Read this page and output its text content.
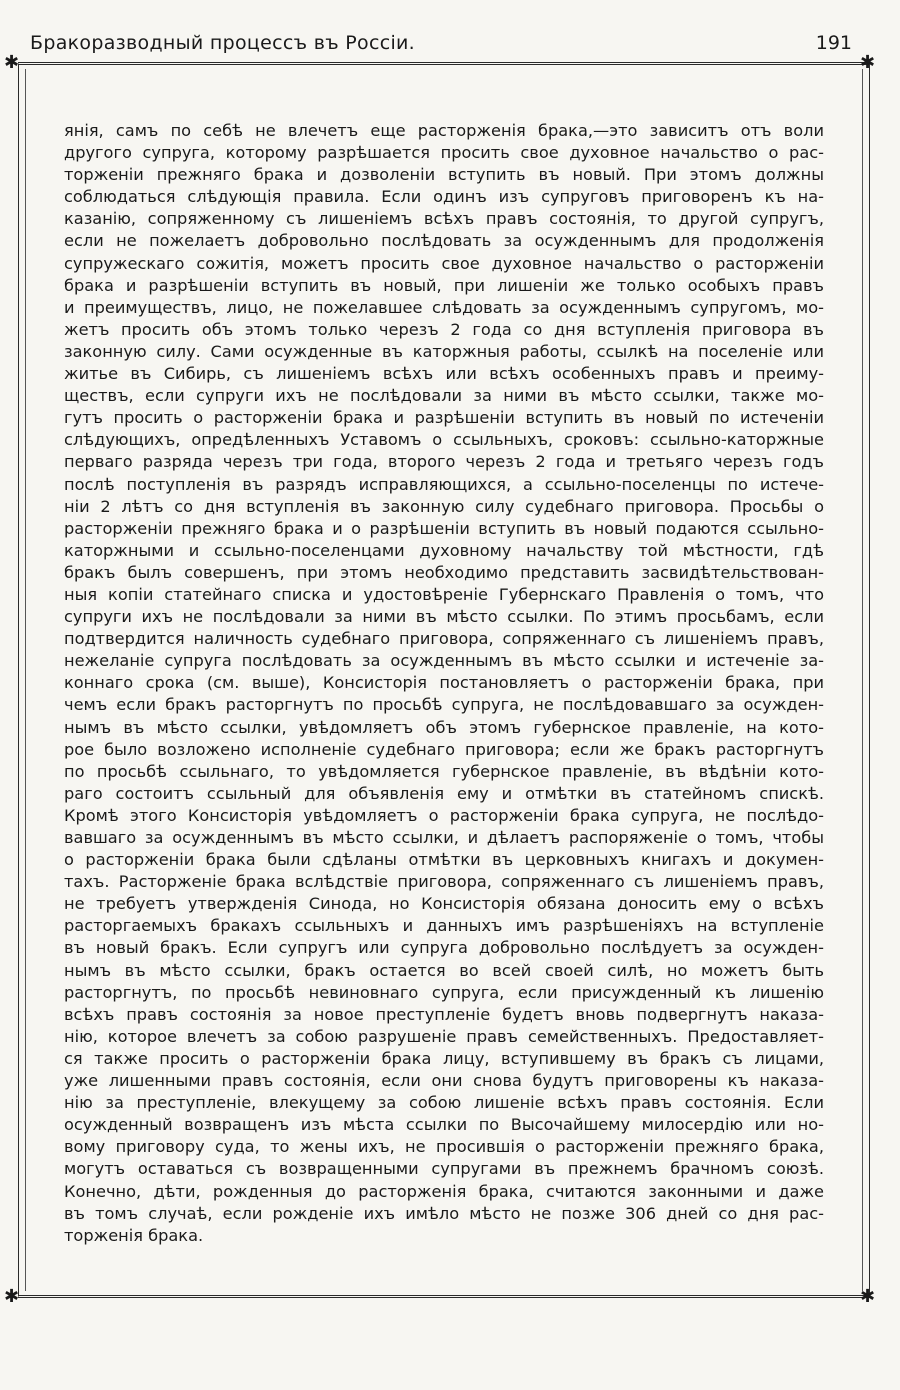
Бракоразводный процессъ въ Россіи.	191
✱	✱
✱	✱
янія, самъ по себѣ не влечетъ еще расторженія брака,—это зависитъ отъ воли
другого супруга, которому разрѣшается просить свое духовное начальство о рас-
торженіи прежняго брака и дозволеніи вступить въ новый. При этомъ должны
соблюдаться слѣдующія правила. Если одинъ изъ супруговъ приговоренъ къ на-
казанію, сопряженному съ лишеніемъ всѣхъ правъ состоянія, то другой супругъ,
если не пожелаетъ добровольно послѣдовать за осужденнымъ для продолженія
супружескаго сожитія, можетъ просить свое духовное начальство о расторженіи
брака и разрѣшеніи вступить въ новый, при лишеніи же только особыхъ правъ
и преимуществъ, лицо, не пожелавшее слѣдовать за осужденнымъ супругомъ, мо-
жетъ просить объ этомъ только черезъ 2 года со дня вступленія приговора въ
законную силу. Сами осужденные въ каторжныя работы, ссылкѣ на поселеніе или
житье въ Сибирь, съ лишеніемъ всѣхъ или всѣхъ особенныхъ правъ и преиму-
ществъ, если супруги ихъ не послѣдовали за ними въ мѣсто ссылки, также мо-
гутъ просить о расторженіи брака и разрѣшеніи вступить въ новый по истеченіи
слѣдующихъ, опредѣленныхъ Уставомъ о ссыльныхъ, сроковъ: ссыльно-каторжные
перваго разряда черезъ три года, второго черезъ 2 года и третьяго черезъ годъ
послѣ поступленія въ разрядъ исправляющихся, а ссыльно-поселенцы по истече-
ніи 2 лѣтъ со дня вступленія въ законную силу судебнаго приговора. Просьбы о
расторженіи прежняго брака и о разрѣшеніи вступить въ новый подаются ссыльно-
каторжными и ссыльно-поселенцами духовному начальству той мѣстности, гдѣ
бракъ былъ совершенъ, при этомъ необходимо представить засвидѣтельствован-
ныя копіи статейнаго списка и удостовѣреніе Губернскаго Правленія о томъ, что
супруги ихъ не послѣдовали за ними въ мѣсто ссылки. По этимъ просьбамъ, если
подтвердится наличность судебнаго приговора, сопряженнаго съ лишеніемъ правъ,
нежеланіе супруга послѣдовать за осужденнымъ въ мѣсто ссылки и истеченіе за-
коннаго срока (см. выше), Консисторія постановляетъ о расторженіи брака, при
чемъ если бракъ расторгнутъ по просьбѣ супруга, не послѣдовавшаго за осужден-
нымъ въ мѣсто ссылки, увѣдомляетъ объ этомъ губернское правленіе, на кото-
рое было возложено исполненіе судебнаго приговора; если же бракъ расторгнутъ
по просьбѣ ссыльнаго, то увѣдомляется губернское правленіе, въ вѣдѣніи кото-
раго состоитъ ссыльный для объявленія ему и отмѣтки въ статейномъ спискѣ.
Кромѣ этого Консисторія увѣдомляетъ о расторженіи брака супруга, не послѣдо-
вавшаго за осужденнымъ въ мѣсто ссылки, и дѣлаетъ распоряженіе о томъ, чтобы
о расторженіи брака были сдѣланы отмѣтки въ церковныхъ книгахъ и докумен-
тахъ. Расторженіе брака вслѣдствіе приговора, сопряженнаго съ лишеніемъ правъ,
не требуетъ утвержденія Синода, но Консисторія обязана доносить ему о всѣхъ
расторгаемыхъ бракахъ ссыльныхъ и данныхъ имъ разрѣшеніяхъ на вступленіе
въ новый бракъ. Если супругъ или супруга добровольно послѣдуетъ за осужден-
нымъ въ мѣсто ссылки, бракъ остается во всей своей силѣ, но можетъ быть
расторгнутъ, по просьбѣ невиновнаго супруга, если присужденный къ лишенію
всѣхъ правъ состоянія за новое преступленіе будетъ вновь подвергнутъ наказа-
нію, которое влечетъ за собою разрушеніе правъ семейственныхъ. Предоставляет-
ся также просить о расторженіи брака лицу, вступившему въ бракъ съ лицами,
уже лишенными правъ состоянія, если они снова будутъ приговорены къ наказа-
нію за преступленіе, влекущему за собою лишеніе всѣхъ правъ состоянія. Если
осужденный возвращенъ изъ мѣста ссылки по Высочайшему милосердію или но-
вому приговору суда, то жены ихъ, не просившія о расторженіи прежняго брака,
могутъ оставаться съ возвращенными супругами въ прежнемъ брачномъ союзѣ.
Конечно, дѣти, рожденныя до расторженія брака, считаются законными и даже
въ томъ случаѣ, если рожденіе ихъ имѣло мѣсто не позже 306 дней со дня рас-
торженія брака.
